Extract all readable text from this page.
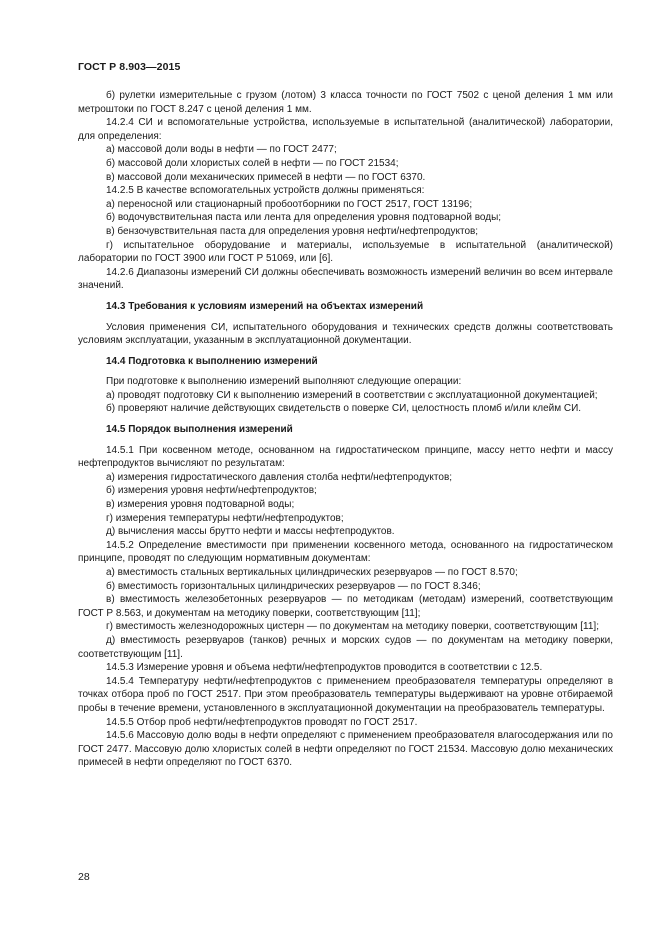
ГОСТ Р 8.903—2015

б) рулетки измерительные с грузом (лотом) 3 класса точности по ГОСТ 7502 с ценой деления 1 мм или метроштоки по ГОСТ 8.247 с ценой деления 1 мм.

14.2.4 СИ и вспомогательные устройства, используемые в испытательной (аналитической) лаборатории, для определения:

а) массовой доли воды в нефти — по ГОСТ 2477;

б) массовой доли хлористых солей в нефти — по ГОСТ 21534;

в) массовой доли механических примесей в нефти — по ГОСТ 6370.

14.2.5 В качестве вспомогательных устройств должны применяться:

а) переносной или стационарный пробоотборники по ГОСТ 2517, ГОСТ 13196;

б) водочувствительная паста или лента для определения уровня подтоварной воды;

в) бензочувствительная паста для определения уровня нефти/нефтепродуктов;

г) испытательное оборудование и материалы, используемые в испытательной (аналитической) лаборатории по ГОСТ 3900 или ГОСТ Р 51069, или [6].

14.2.6 Диапазоны измерений СИ должны обеспечивать возможность измерений величин во всем интервале значений.

14.3 Требования к условиям измерений на объектах измерений

Условия применения СИ, испытательного оборудования и технических средств должны соответствовать условиям эксплуатации, указанным в эксплуатационной документации.

14.4 Подготовка к выполнению измерений

При подготовке к выполнению измерений выполняют следующие операции:

а) проводят подготовку СИ к выполнению измерений в соответствии с эксплуатационной документацией;

б) проверяют наличие действующих свидетельств о поверке СИ, целостность пломб и/или клейм СИ.

14.5 Порядок выполнения измерений

14.5.1 При косвенном методе, основанном на гидростатическом принципе, массу нетто нефти и массу нефтепродуктов вычисляют по результатам:

а) измерения гидростатического давления столба нефти/нефтепродуктов;

б) измерения уровня нефти/нефтепродуктов;

в) измерения уровня подтоварной воды;

г) измерения температуры нефти/нефтепродуктов;

д) вычисления массы брутто нефти и массы нефтепродуктов.

14.5.2 Определение вместимости при применении косвенного метода, основанного на гидростатическом принципе, проводят по следующим нормативным документам:

а) вместимость стальных вертикальных цилиндрических резервуаров — по ГОСТ 8.570;

б) вместимость горизонтальных цилиндрических резервуаров — по ГОСТ 8.346;

в) вместимость железобетонных резервуаров — по методикам (методам) измерений, соответствующим ГОСТ Р 8.563, и документам на методику поверки, соответствующим [11];

г) вместимость железнодорожных цистерн — по документам на методику поверки, соответствующим [11];

д) вместимость резервуаров (танков) речных и морских судов — по документам на методику поверки, соответствующим [11].

14.5.3 Измерение уровня и объема нефти/нефтепродуктов проводится в соответствии с 12.5.

14.5.4 Температуру нефти/нефтепродуктов с применением преобразователя температуры определяют в точках отбора проб по ГОСТ 2517. При этом преобразователь температуры выдерживают на уровне отбираемой пробы в течение времени, установленного в эксплуатационной документации на преобразователь температуры.

14.5.5 Отбор проб нефти/нефтепродуктов проводят по ГОСТ 2517.

14.5.6 Массовую долю воды в нефти определяют с применением преобразователя влагосодержания или по ГОСТ 2477. Массовую долю хлористых солей в нефти определяют по ГОСТ 21534. Массовую долю механических примесей в нефти определяют по ГОСТ 6370.

28
